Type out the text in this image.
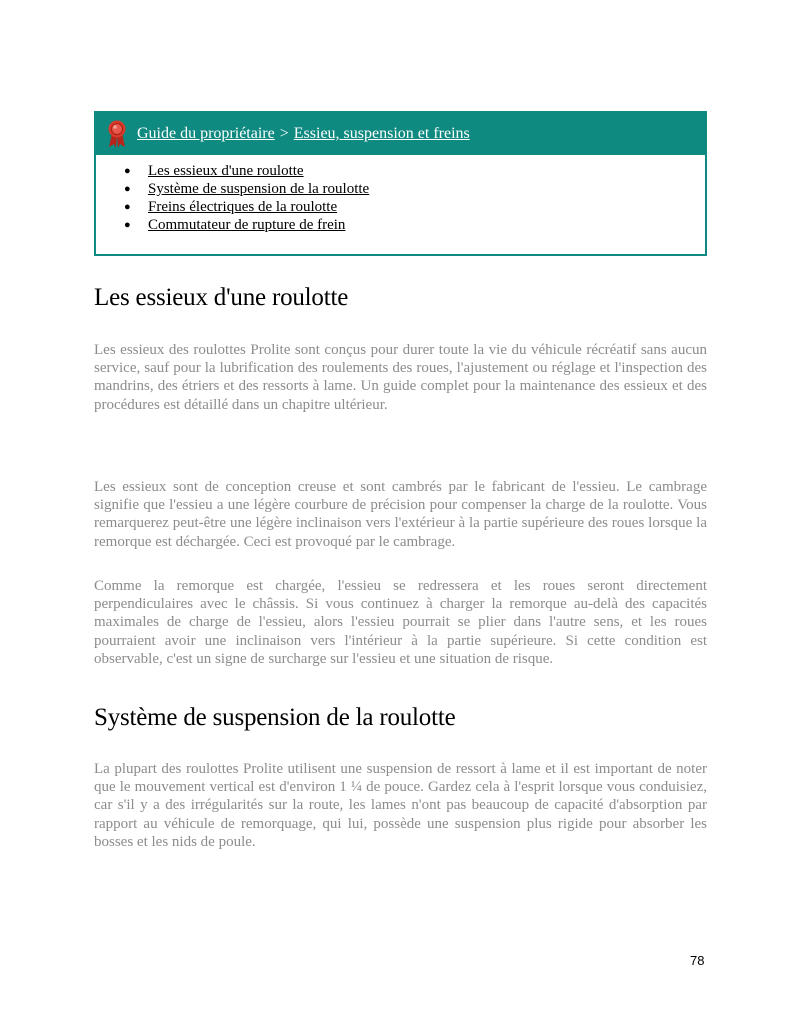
Guide du propriétaire > Essieu, suspension et freins
● Les essieux d'une roulotte
● Système de suspension de la roulotte
● Freins électriques de la roulotte
● Commutateur de rupture de frein
Les essieux d'une roulotte

Les essieux des roulottes Prolite sont conçus pour durer toute la vie du véhicule récréatif sans aucun service, sauf pour la lubrification des roulements des roues, l'ajustement ou réglage et l'inspection des mandrins, des étriers et des ressorts à lame. Un guide complet pour la maintenance des essieux et des procédures est détaillé dans un chapitre ultérieur.

Les essieux sont de conception creuse et sont cambrés par le fabricant de l'essieu. Le cambrage signifie que l'essieu a une légère courbure de précision pour compenser la charge de la roulotte. Vous remarquerez peut-être une légère inclinaison vers l'extérieur à la partie supérieure des roues lorsque la remorque est déchargée. Ceci est provoqué par le cambrage.

Comme la remorque est chargée, l'essieu se redressera et les roues seront directement perpendiculaires avec le châssis. Si vous continuez à charger la remorque au-delà des capacités maximales de charge de l'essieu, alors l'essieu pourrait se plier dans l'autre sens, et les roues pourraient avoir une inclinaison vers l'intérieur à la partie supérieure. Si cette condition est observable, c'est un signe de surcharge sur l'essieu et une situation de risque.

Système de suspension de la roulotte

La plupart des roulottes Prolite utilisent une suspension de ressort à lame et il est important de noter que le mouvement vertical est d'environ 1 ¼ de pouce. Gardez cela à l'esprit lorsque vous conduisiez, car s'il y a des irrégularités sur la route, les lames n'ont pas beaucoup de capacité d'absorption par rapport au véhicule de remorquage, qui lui, possède une suspension plus rigide pour absorber les bosses et les nids de poule.

78
